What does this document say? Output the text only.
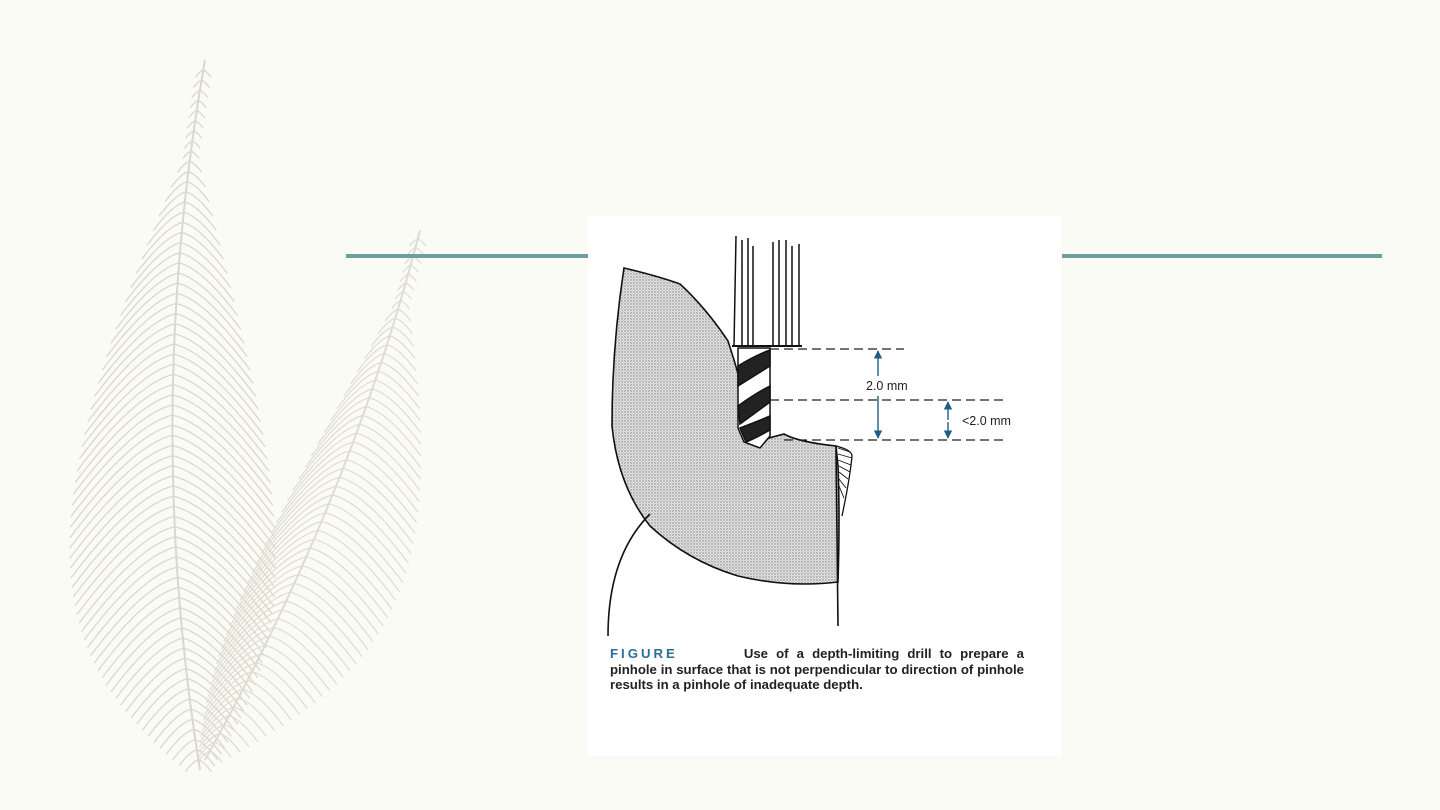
2.0 mm
<2.0 mm
FIGURE	Use of a depth-limiting drill to prepare a pinhole in surface that is not perpendicular to direction of pinhole results in a pinhole of inadequate depth.
